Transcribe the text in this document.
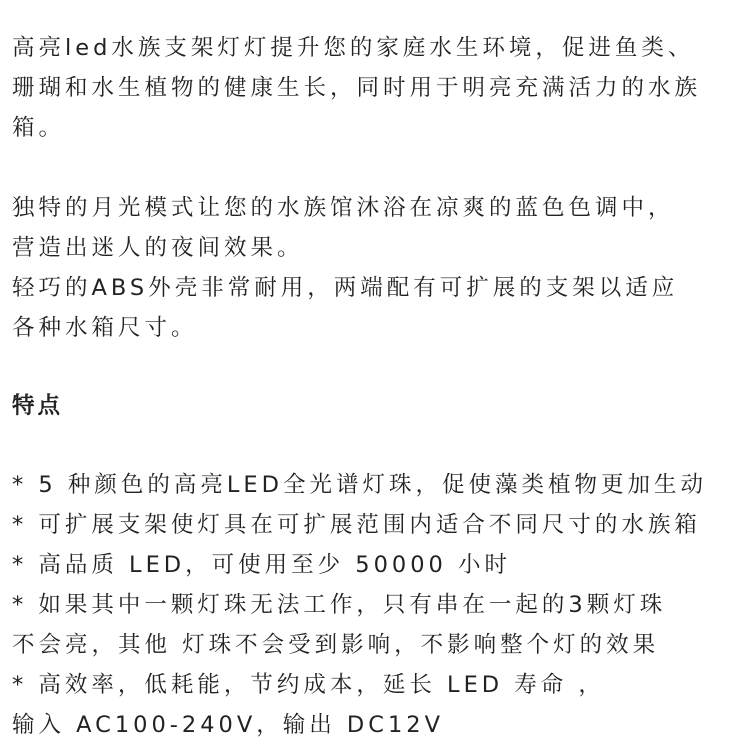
高亮led水族支架灯灯提升您的家庭水生环境，促进鱼类、
珊瑚和水生植物的健康生长，同时用于明亮充满活力的水族
箱。
独特的月光模式让您的水族馆沐浴在凉爽的蓝色色调中，
营造出迷人的夜间效果。
轻巧的ABS外壳非常耐用，两端配有可扩展的支架以适应
各种水箱尺寸。
特点
* 5 种颜色的高亮LED全光谱灯珠，促使藻类植物更加生动
* 可扩展支架使灯具在可扩展范围内适合不同尺寸的水族箱
* 高品质 LED，可使用至少 50000 小时
* 如果其中一颗灯珠无法工作，只有串在一起的3颗灯珠
不会亮，其他 灯珠不会受到影响，不影响整个灯的效果
* 高效率，低耗能，节约成本，延长 LED 寿命 ，
输入 AC100-240V，输出 DC12V
